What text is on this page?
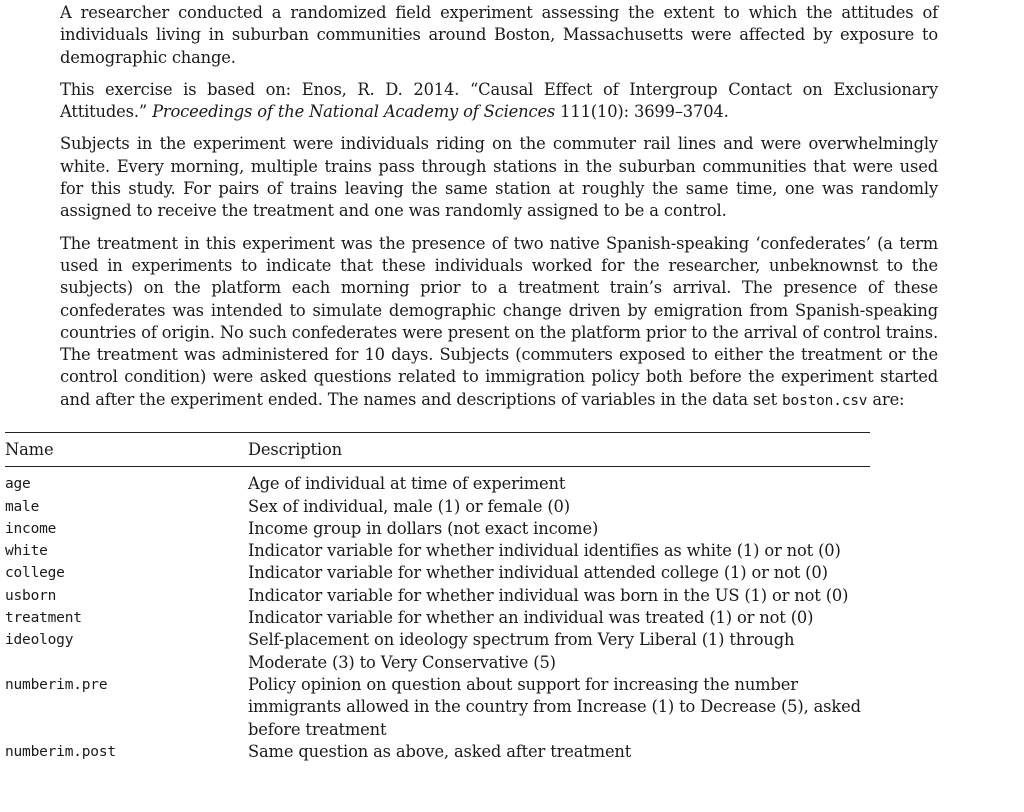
A researcher conducted a randomized field experiment assessing the extent to which the attitudes of individuals living in suburban communities around Boston, Massachusetts were affected by exposure to demographic change.

This exercise is based on: Enos, R. D. 2014. “Causal Effect of Intergroup Contact on Exclusionary Attitudes.” Proceedings of the National Academy of Sciences 111(10): 3699–3704.

Subjects in the experiment were individuals riding on the commuter rail lines and were overwhelmingly white. Every morning, multiple trains pass through stations in the suburban communities that were used for this study. For pairs of trains leaving the same station at roughly the same time, one was randomly assigned to receive the treatment and one was randomly assigned to be a control.

The treatment in this experiment was the presence of two native Spanish-speaking ‘confederates’ (a term used in experiments to indicate that these individuals worked for the researcher, unbeknownst to the subjects) on the platform each morning prior to a treatment train’s arrival. The presence of these confederates was intended to simulate demographic change driven by emigration from Spanish-speaking countries of origin. No such confederates were present on the platform prior to the arrival of control trains. The treatment was administered for 10 days. Subjects (commuters exposed to either the treatment or the control condition) were asked questions related to immigration policy both before the experiment started and after the experiment ended. The names and descriptions of variables in the data set boston.csv are:

Name	Description
age	Age of individual at time of experiment
male	Sex of individual, male (1) or female (0)
income	Income group in dollars (not exact income)
white	Indicator variable for whether individual identifies as white (1) or not (0)
college	Indicator variable for whether individual attended college (1) or not (0)
usborn	Indicator variable for whether individual was born in the US (1) or not (0)
treatment	Indicator variable for whether an individual was treated (1) or not (0)
ideology	Self-placement on ideology spectrum from Very Liberal (1) through Moderate (3) to Very Conservative (5)
numberim.pre	Policy opinion on question about support for increasing the number immigrants allowed in the country from Increase (1) to Decrease (5), asked before treatment
numberim.post	Same question as above, asked after treatment
